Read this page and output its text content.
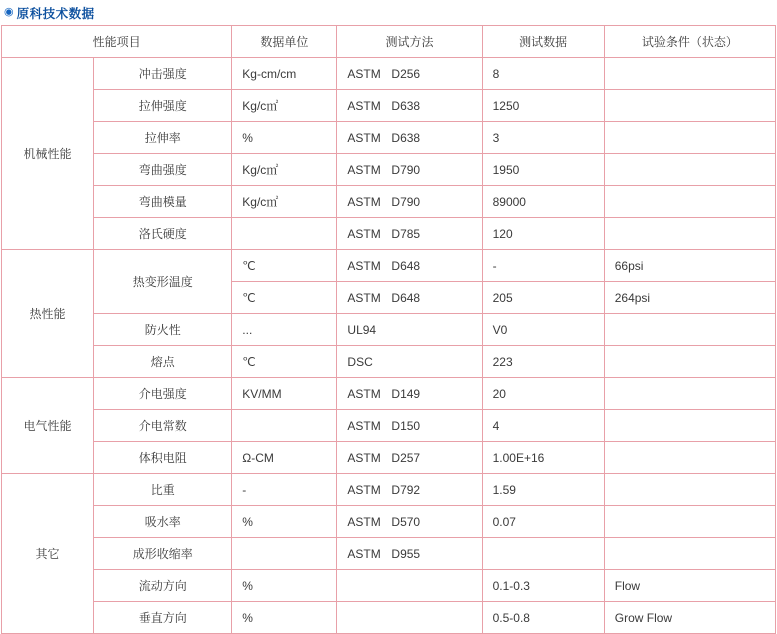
◉ 原科技术数据
性能项目		数据单位	测试方法	测试数据	试验条件（状态）
机械性能	冲击强度	Kg-cm/cm	ASTM D256	8	
	拉伸强度	Kg/c㎡	ASTM D638	1250	
	拉伸率	%	ASTM D638	3	
	弯曲强度	Kg/c㎡	ASTM D790	1950	
	弯曲模量	Kg/c㎡	ASTM D790	89000	
	洛氏硬度		ASTM D785	120	
热性能	热变形温度	℃	ASTM D648	-	66psi
		℃	ASTM D648	205	264psi
	防火性	...	UL94	V0	
	熔点	℃	DSC	223	
电气性能	介电强度	KV/MM	ASTM D149	20	
	介电常数		ASTM D150	4	
	体积电阻	Ω-CM	ASTM D257	1.00E+16	
其它	比重	-	ASTM D792	1.59	
	吸水率	%	ASTM D570	0.07	
	成形收缩率		ASTM D955		
	流动方向	%		0.1-0.3	Flow
	垂直方向	%		0.5-0.8	Grow Flow
